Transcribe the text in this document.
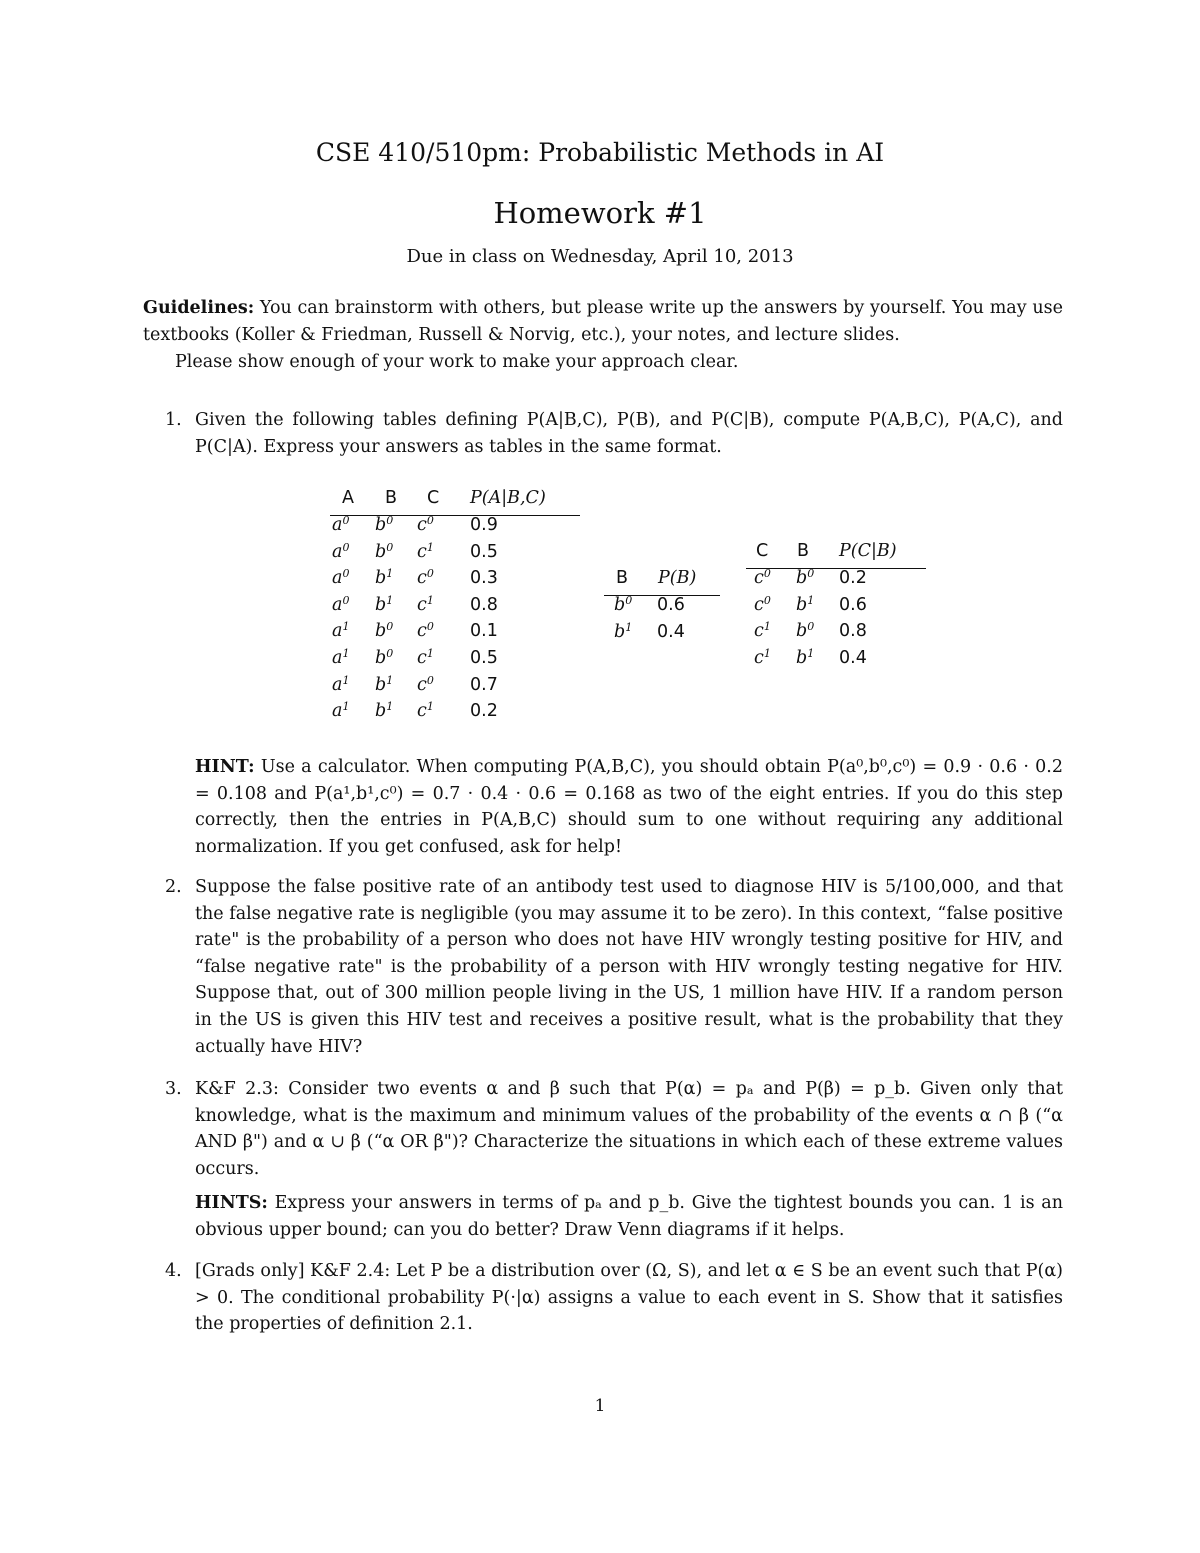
CSE 410/510pm: Probabilistic Methods in AI
Homework #1
Due in class on Wednesday, April 10, 2013
Guidelines: You can brainstorm with others, but please write up the answers by yourself. You may use textbooks (Koller & Friedman, Russell & Norvig, etc.), your notes, and lecture slides.
Please show enough of your work to make your approach clear.
1. Given the following tables defining P(A|B,C), P(B), and P(C|B), compute P(A,B,C), P(A,C), and P(C|A). Express your answers as tables in the same format.
A B C P(A|B,C)
$a^0$ $b^0$ $c^0$ 0.9
$a^0$ $b^0$ $c^1$ 0.5
$a^0$ $b^1$ $c^0$ 0.3
$a^0$ $b^1$ $c^1$ 0.8
$a^1$ $b^0$ $c^0$ 0.1
$a^1$ $b^0$ $c^1$ 0.5
$a^1$ $b^1$ $c^0$ 0.7
$a^1$ $b^1$ $c^1$ 0.2
B P(B)
$b^0$ 0.6
$b^1$ 0.4
C B P(C|B)
$c^0$ $b^0$ 0.2
$c^0$ $b^1$ 0.6
$c^1$ $b^0$ 0.8
$c^1$ $b^1$ 0.4
HINT: Use a calculator. When computing P(A,B,C), you should obtain P(a⁰,b⁰,c⁰) = 0.9 · 0.6 · 0.2 = 0.108 and P(a¹,b¹,c⁰) = 0.7 · 0.4 · 0.6 = 0.168 as two of the eight entries. If you do this step correctly, then the entries in P(A,B,C) should sum to one without requiring any additional normalization. If you get confused, ask for help!
2. Suppose the false positive rate of an antibody test used to diagnose HIV is 5/100,000, and that the false negative rate is negligible (you may assume it to be zero). In this context, “false positive rate" is the probability of a person who does not have HIV wrongly testing positive for HIV, and “false negative rate" is the probability of a person with HIV wrongly testing negative for HIV. Suppose that, out of 300 million people living in the US, 1 million have HIV. If a random person in the US is given this HIV test and receives a positive result, what is the probability that they actually have HIV?
3. K&F 2.3: Consider two events α and β such that P(α) = pₐ and P(β) = p_b. Given only that knowledge, what is the maximum and minimum values of the probability of the events α ∩ β (“α AND β") and α ∪ β (“α OR β")? Characterize the situations in which each of these extreme values occurs.
HINTS: Express your answers in terms of pₐ and p_b. Give the tightest bounds you can. 1 is an obvious upper bound; can you do better? Draw Venn diagrams if it helps.
4. [Grads only] K&F 2.4: Let P be a distribution over (Ω, S), and let α ∈ S be an event such that P(α) > 0. The conditional probability P(·|α) assigns a value to each event in S. Show that it satisfies the properties of definition 2.1.
1
